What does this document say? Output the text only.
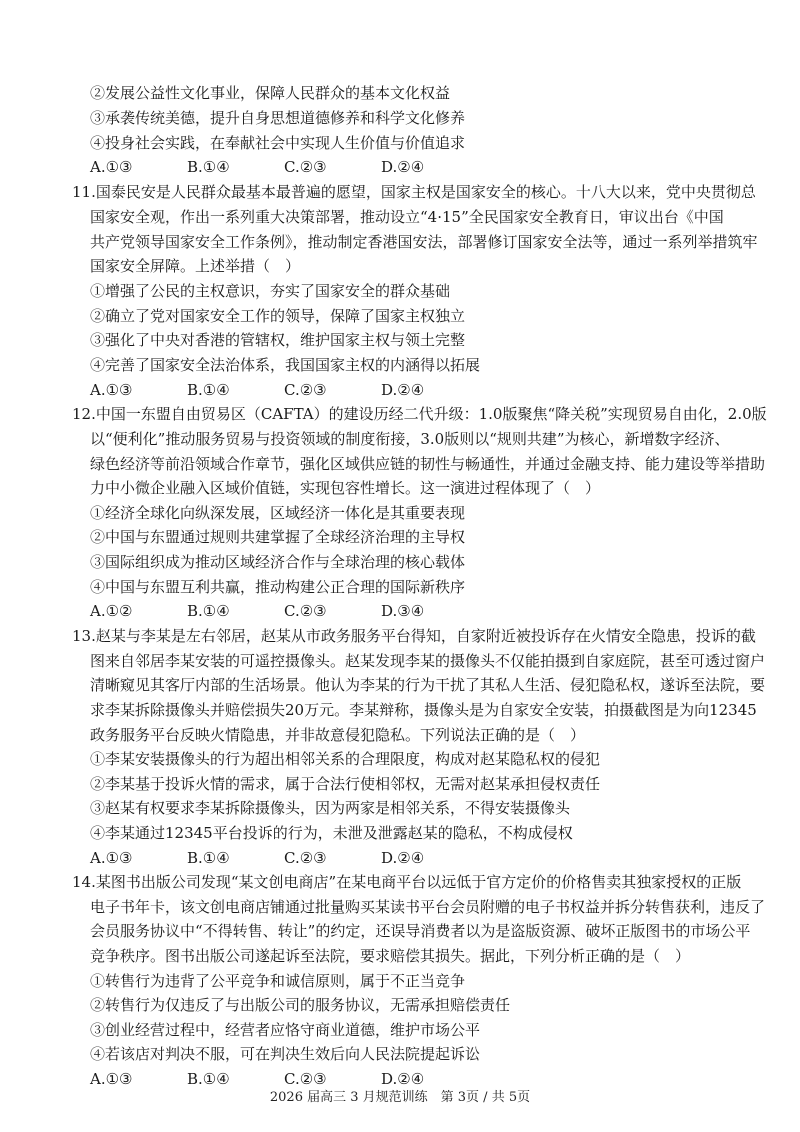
②发展公益性文化事业，保障人民群众的基本文化权益
③承袭传统美德，提升自身思想道德修养和科学文化修养
④投身社会实践，在奉献社会中实现人生价值与价值追求
A.①③	B.①④	C.②③	D.②④
11.国泰民安是人民群众最基本最普遍的愿望，国家主权是国家安全的核心。十八大以来，党中央贯彻总
国家安全观，作出一系列重大决策部署，推动设立“4·15”全民国家安全教育日，审议出台《中国
共产党领导国家安全工作条例》，推动制定香港国安法，部署修订国家安全法等，通过一系列举措筑牢
国家安全屏障。上述举措（　）
①增强了公民的主权意识，夯实了国家安全的群众基础
②确立了党对国家安全工作的领导，保障了国家主权独立
③强化了中央对香港的管辖权，维护国家主权与领土完整
④完善了国家安全法治体系，我国国家主权的内涵得以拓展
A.①③	B.①④	C.②③	D.②④
12.中国一东盟自由贸易区（CAFTA）的建设历经二代升级：1.0版聚焦“降关税”实现贸易自由化，2.0版
以“便利化”推动服务贸易与投资领域的制度衔接，3.0版则以“规则共建”为核心，新增数字经济、
绿色经济等前沿领域合作章节，强化区域供应链的韧性与畅通性，并通过金融支持、能力建设等举措助
力中小微企业融入区域价值链，实现包容性增长。这一演进过程体现了（　）
①经济全球化向纵深发展，区域经济一体化是其重要表现
②中国与东盟通过规则共建掌握了全球经济治理的主导权
③国际组织成为推动区域经济合作与全球治理的核心载体
④中国与东盟互利共赢，推动构建公正合理的国际新秩序
A.①②	B.①④	C.②③	D.③④
13.赵某与李某是左右邻居，赵某从市政务服务平台得知，自家附近被投诉存在火情安全隐患，投诉的截
图来自邻居李某安装的可遥控摄像头。赵某发现李某的摄像头不仅能拍摄到自家庭院，甚至可透过窗户
清晰窥见其客厅内部的生活场景。他认为李某的行为干扰了其私人生活、侵犯隐私权，遂诉至法院，要
求李某拆除摄像头并赔偿损失20万元。李某辩称，摄像头是为自家安全安装，拍摄截图是为向12345
政务服务平台反映火情隐患，并非故意侵犯隐私。下列说法正确的是（　）
①李某安装摄像头的行为超出相邻关系的合理限度，构成对赵某隐私权的侵犯
②李某基于投诉火情的需求，属于合法行使相邻权，无需对赵某承担侵权责任
③赵某有权要求李某拆除摄像头，因为两家是相邻关系，不得安装摄像头
④李某通过12345平台投诉的行为，未泄及泄露赵某的隐私，不构成侵权
A.①③	B.①④	C.②③	D.②④
14.某图书出版公司发现“某文创电商店”在某电商平台以远低于官方定价的价格售卖其独家授权的正版
电子书年卡，该文创电商店铺通过批量购买某读书平台会员附赠的电子书权益并拆分转售获利，违反了
会员服务协议中“不得转售、转让”的约定，还误导消费者以为是盗版资源、破坏正版图书的市场公平
竞争秩序。图书出版公司遂起诉至法院，要求赔偿其损失。据此，下列分析正确的是（　）
①转售行为违背了公平竞争和诚信原则，属于不正当竞争
②转售行为仅违反了与出版公司的服务协议，无需承担赔偿责任
③创业经营过程中，经营者应恪守商业道德，维护市场公平
④若该店对判决不服，可在判决生效后向人民法院提起诉讼
A.①③	B.①④	C.②③	D.②④
2026 届高三 3 月规范训练　第 3页 / 共 5页
